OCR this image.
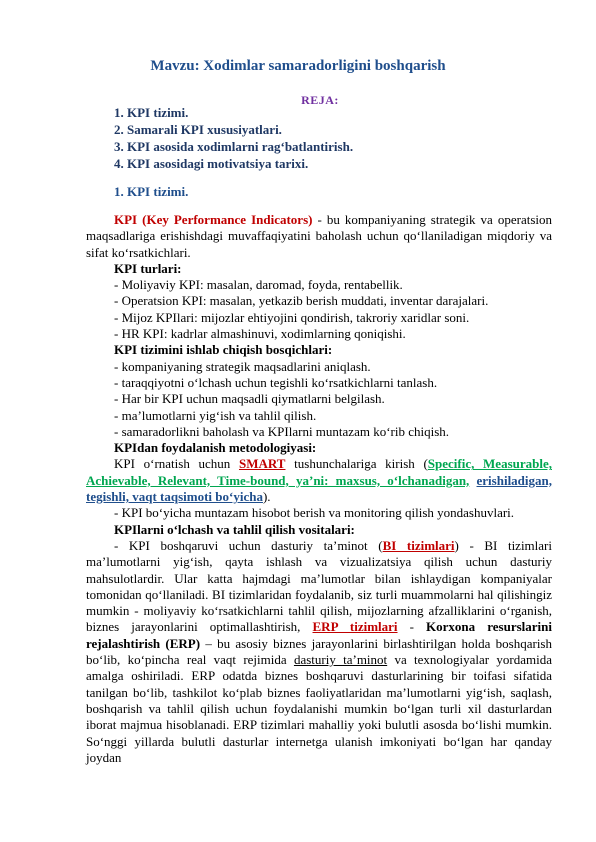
Mavzu: Xodimlar samaradorligini boshqarish
REJA:
1. KPI tizimi.
2. Samarali KPI xususiyatlari.
3. KPI asosida xodimlarni rag‘batlantirish.
4. KPI asosidagi motivatsiya tarixi.
1. KPI tizimi.

KPI (Key Performance Indicators) - bu kompaniyaning strategik va operatsion maqsadlariga erishishdagi muvaffaqiyatini baholash uchun qo‘llaniladigan miqdoriy va sifat ko‘rsatkichlari.

KPI turlari:

- Moliyaviy KPI: masalan, daromad, foyda, rentabellik.

- Operatsion KPI: masalan, yetkazib berish muddati, inventar darajalari.

- Mijoz KPIlari: mijozlar ehtiyojini qondirish, takroriy xaridlar soni.

- HR KPI: kadrlar almashinuvi, xodimlarning qoniqishi.

KPI tizimini ishlab chiqish bosqichlari:

- kompaniyaning strategik maqsadlarini aniqlash.

- taraqqiyotni o‘lchash uchun tegishli ko‘rsatkichlarni tanlash.

- Har bir KPI uchun maqsadli qiymatlarni belgilash.

- ma’lumotlarni yig‘ish va tahlil qilish.

- samaradorlikni baholash va KPIlarni muntazam ko‘rib chiqish.

KPIdan foydalanish metodologiyasi:

KPI o‘rnatish uchun SMART tushunchalariga kirish (Specific, Measurable, Achievable, Relevant, Time-bound, ya’ni: maxsus, o‘lchanadigan, erishiladigan, tegishli, vaqt taqsimoti bo‘yicha).

- KPI bo‘yicha muntazam hisobot berish va monitoring qilish yondashuvlari.

KPIlarni o‘lchash va tahlil qilish vositalari:

- KPI boshqaruvi uchun dasturiy ta’minot (BI tizimlari) - BI tizimlari ma’lumotlarni yig‘ish, qayta ishlash va vizualizatsiya qilish uchun dasturiy mahsulotlardir. Ular katta hajmdagi ma’lumotlar bilan ishlaydigan kompaniyalar tomonidan qo‘llaniladi. BI tizimlaridan foydalanib, siz turli muammolarni hal qilishingiz mumkin - moliyaviy ko‘rsatkichlarni tahlil qilish, mijozlarning afzalliklarini o‘rganish, biznes jarayonlarini optimallashtirish, ERP tizimlari - Korxona resurslarini rejalashtirish (ERP) – bu asosiy biznes jarayonlarini birlashtirilgan holda boshqarish bo‘lib, ko‘pincha real vaqt rejimida dasturiy ta’minot va texnologiyalar yordamida amalga oshiriladi. ERP odatda biznes boshqaruvi dasturlarining bir toifasi sifatida tanilgan bo‘lib, tashkilot ko‘plab biznes faoliyatlaridan ma’lumotlarni yig‘ish, saqlash, boshqarish va tahlil qilish uchun foydalanishi mumkin bo‘lgan turli xil dasturlardan iborat majmua hisoblanadi. ERP tizimlari mahalliy yoki bulutli asosda bo‘lishi mumkin. So‘nggi yillarda bulutli dasturlar internetga ulanish imkoniyati bo‘lgan har qanday joydan
